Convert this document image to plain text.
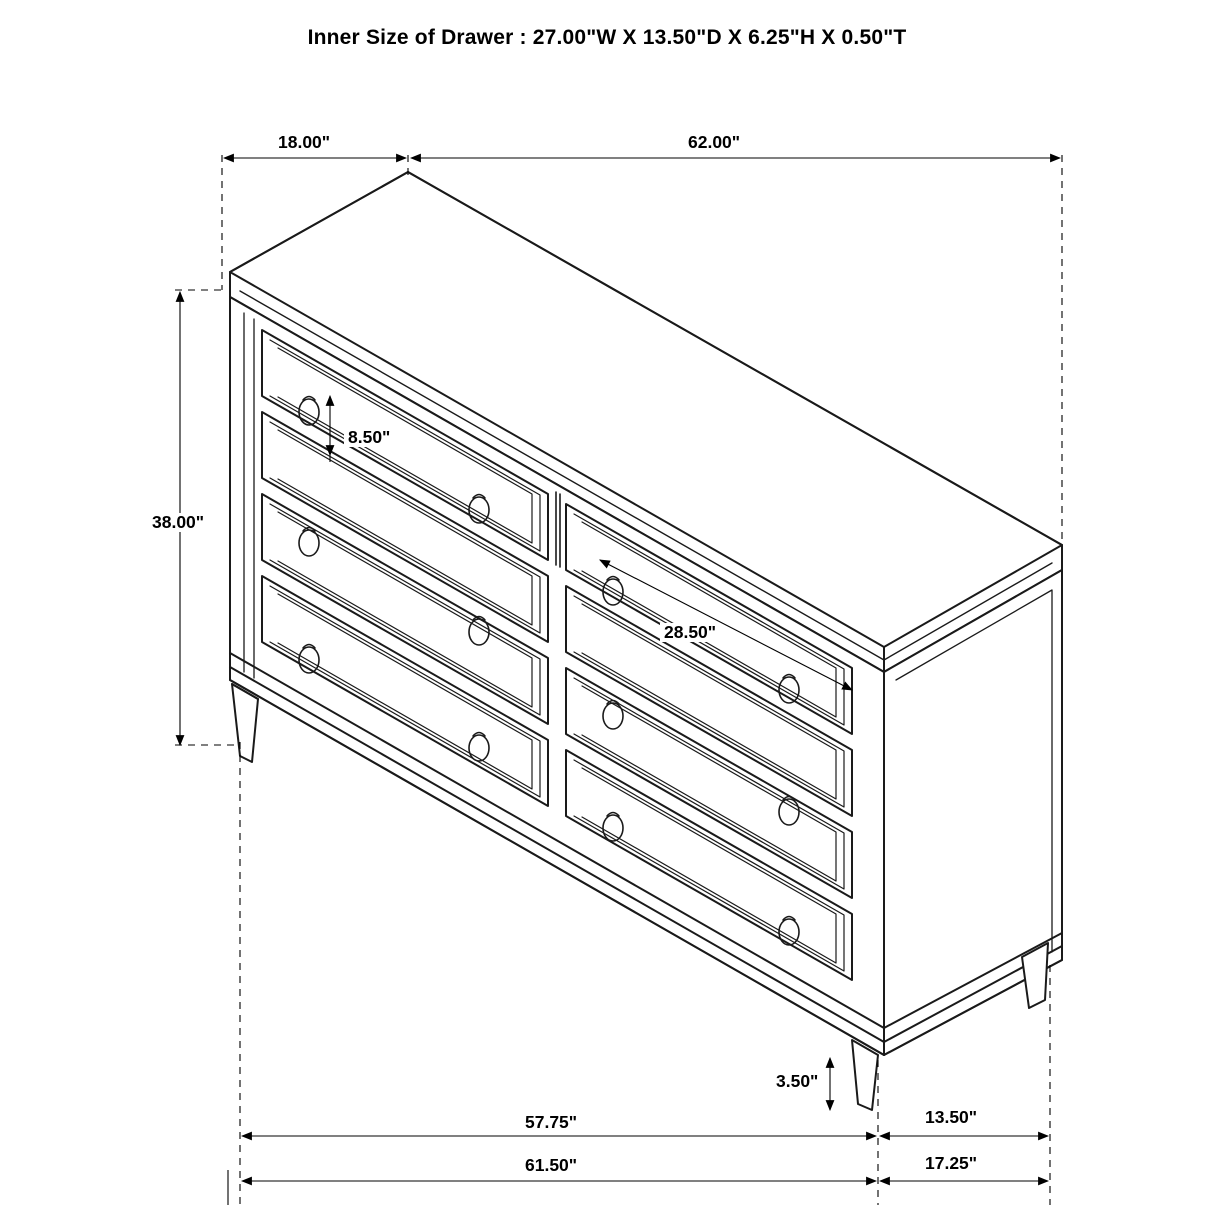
Inner Size of Drawer : 27.00"W X 13.50"D X 6.25"H X 0.50"T
18.00"	62.00"
38.00"
8.50"
28.50"
3.50"
57.75"	13.50"
61.50"	17.25"
